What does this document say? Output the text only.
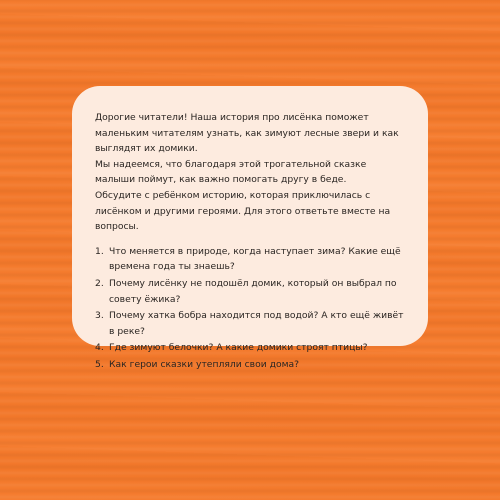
Дорогие читатели! Наша история про лисёнка поможет маленьким читателям узнать, как зимуют лесные звери и как выглядят их домики.

Мы надеемся, что благодаря этой трогательной сказке малыши поймут, как важно помогать другу в беде.

Обсудите с ребёнком историю, которая приключилась с лисёнком и другими героями. Для этого ответьте вместе на вопросы.

1. Что меняется в природе, когда наступает зима? Какие ещё времена года ты знаешь?
2. Почему лисёнку не подошёл домик, который он выбрал по совету ёжика?
3. Почему хатка бобра находится под водой? А кто ещё живёт в реке?
4. Где зимуют белочки? А какие домики строят птицы?
5. Как герои сказки утепляли свои дома?
